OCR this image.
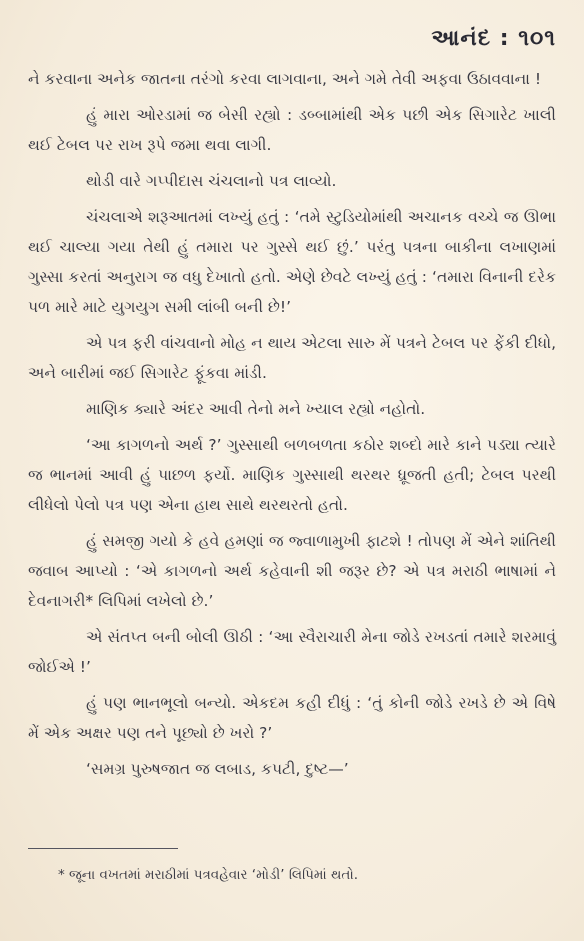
આનંદ : ૧૦૧

ને કરવાના અનેક જાતના તરંગો કરવા લાગવાના, અને ગમે તેવી અફવા ઉઠાવવાના !

હું મારા ઓરડામાં જ બેસી રહ્યો : ડબ્બામાંથી એક પછી એક સિગારેટ ખાલી થઈ ટેબલ પર રાખ રૂપે જમા થવા લાગી.

થોડી વારે ગપ્પીદાસ ચંચલાનો પત્ર લાવ્યો.

ચંચલાએ શરૂઆતમાં લખ્યું હતું : ‘તમે સ્ટુડિયોમાંથી અચાનક વચ્ચે જ ઊભા થઈ ચાલ્યા ગયા તેથી હું તમારા પર ગુસ્સે થઈ છું.’ પરંતુ પત્રના બાકીના લખાણમાં ગુસ્સા કરતાં અનુરાગ જ વધુ દેખાતો હતો. એણે છેવટે લખ્યું હતું : ‘તમારા વિનાની દરેક પળ મારે માટે યુગયુગ સમી લાંબી બની છે!’

એ પત્ર ફરી વાંચવાનો મોહ ન થાય એટલા સારુ મેં પત્રને ટેબલ પર ફેંકી દીધો, અને બારીમાં જઈ સિગારેટ ફૂંકવા માંડી.

માણિક ક્યારે અંદર આવી તેનો મને ખ્યાલ રહ્યો નહોતો.

‘આ કાગળનો અર્થ ?’ ગુસ્સાથી બળબળતા કઠોર શબ્દો મારે કાને પડ્યા ત્યારે જ ભાનમાં આવી હું પાછળ ફર્યો. માણિક ગુસ્સાથી થરથર ધ્રૂજતી હતી; ટેબલ પરથી લીધેલો પેલો પત્ર પણ એના હાથ સાથે થરથરતો હતો.

હું સમજી ગયો કે હવે હમણાં જ જ્વાળામુખી ફાટશે ! તોપણ મેં એને શાંતિથી જવાબ આપ્યો : ‘એ કાગળનો અર્થ કહેવાની શી જરૂર છે? એ પત્ર મરાઠી ભાષામાં ને દેવનાગરી* લિપિમાં લખેલો છે.’

એ સંતપ્ત બની બોલી ઊઠી : ‘આ સ્વૈરાચારી મેના જોડે રખડતાં તમારે શરમાવું જોઈએ !’

હું પણ ભાનભૂલો બન્યો. એકદમ કહી દીધું : ‘તું કોની જોડે રખડે છે એ વિષે મેં એક અક્ષર પણ તને પૂછ્યો છે ખરો ?’

‘સમગ્ર પુરુષજાત જ લબાડ, કપટી, દુષ્ટ—’

* જૂના વખતમાં મરાઠીમાં પત્રવહેવાર ‘મોડી’ લિપિમાં થતો.
